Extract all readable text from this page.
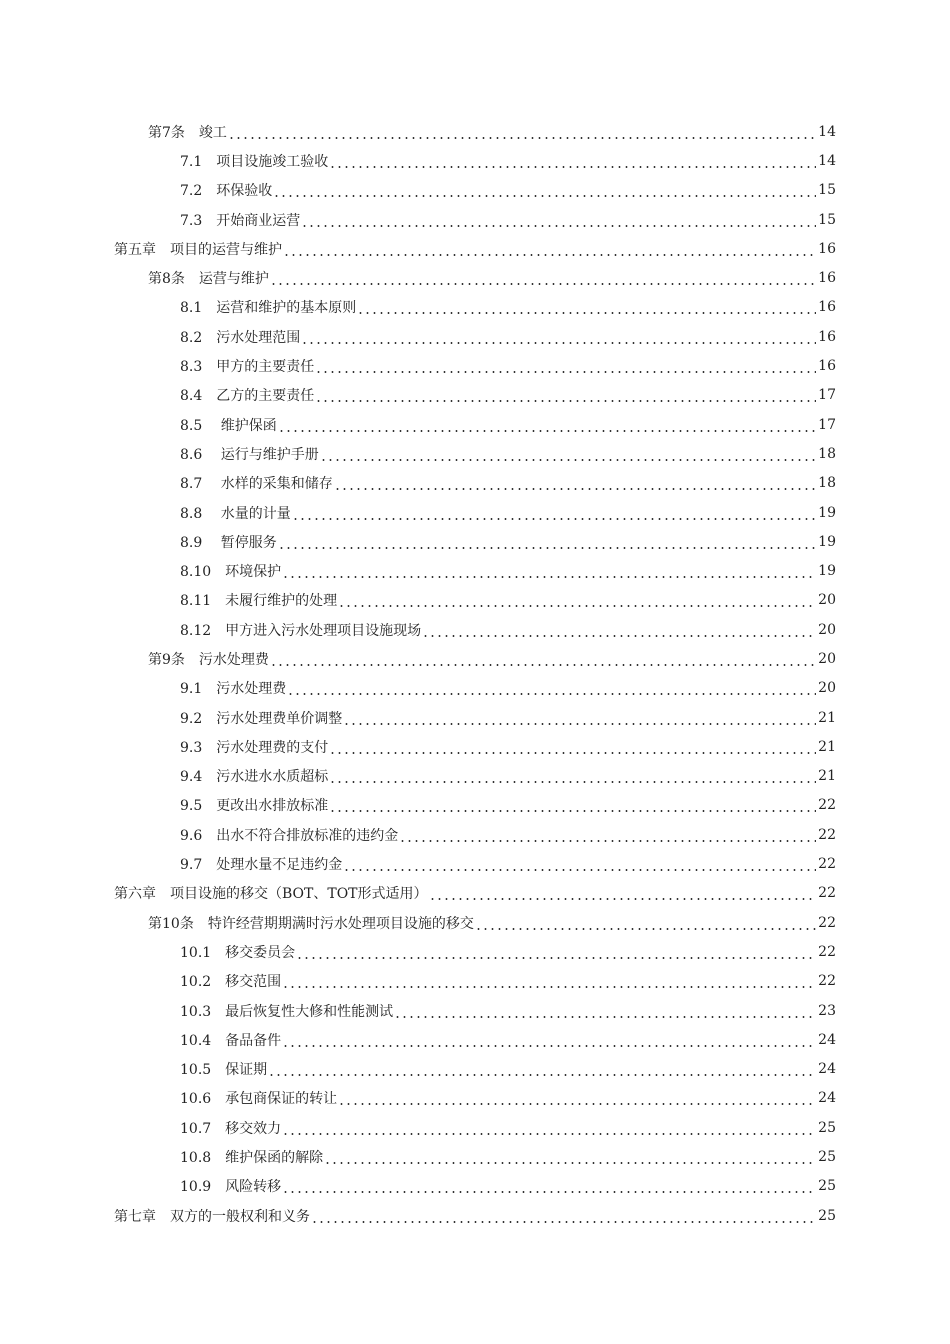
第7条 竣工	14
7.1 项目设施竣工验收	14
7.2 环保验收	15
7.3 开始商业运营	15
第五章 项目的运营与维护	16
第8条 运营与维护	16
8.1 运营和维护的基本原则	16
8.2 污水处理范围	16
8.3 甲方的主要责任	16
8.4 乙方的主要责任	17
8.5 维护保函	17
8.6 运行与维护手册	18
8.7 水样的采集和储存	18
8.8 水量的计量	19
8.9 暂停服务	19
8.10 环境保护	19
8.11 未履行维护的处理	20
8.12 甲方进入污水处理项目设施现场	20
第9条 污水处理费	20
9.1 污水处理费	20
9.2 污水处理费单价调整	21
9.3 污水处理费的支付	21
9.4 污水进水水质超标	21
9.5 更改出水排放标准	22
9.6 出水不符合排放标准的违约金	22
9.7 处理水量不足违约金	22
第六章 项目设施的移交（BOT、TOT形式适用）	22
第10条 特许经营期期满时污水处理项目设施的移交	22
10.1 移交委员会	22
10.2 移交范围	22
10.3 最后恢复性大修和性能测试	23
10.4 备品备件	24
10.5 保证期	24
10.6 承包商保证的转让	24
10.7 移交效力	25
10.8 维护保函的解除	25
10.9 风险转移	25
第七章 双方的一般权利和义务	25
